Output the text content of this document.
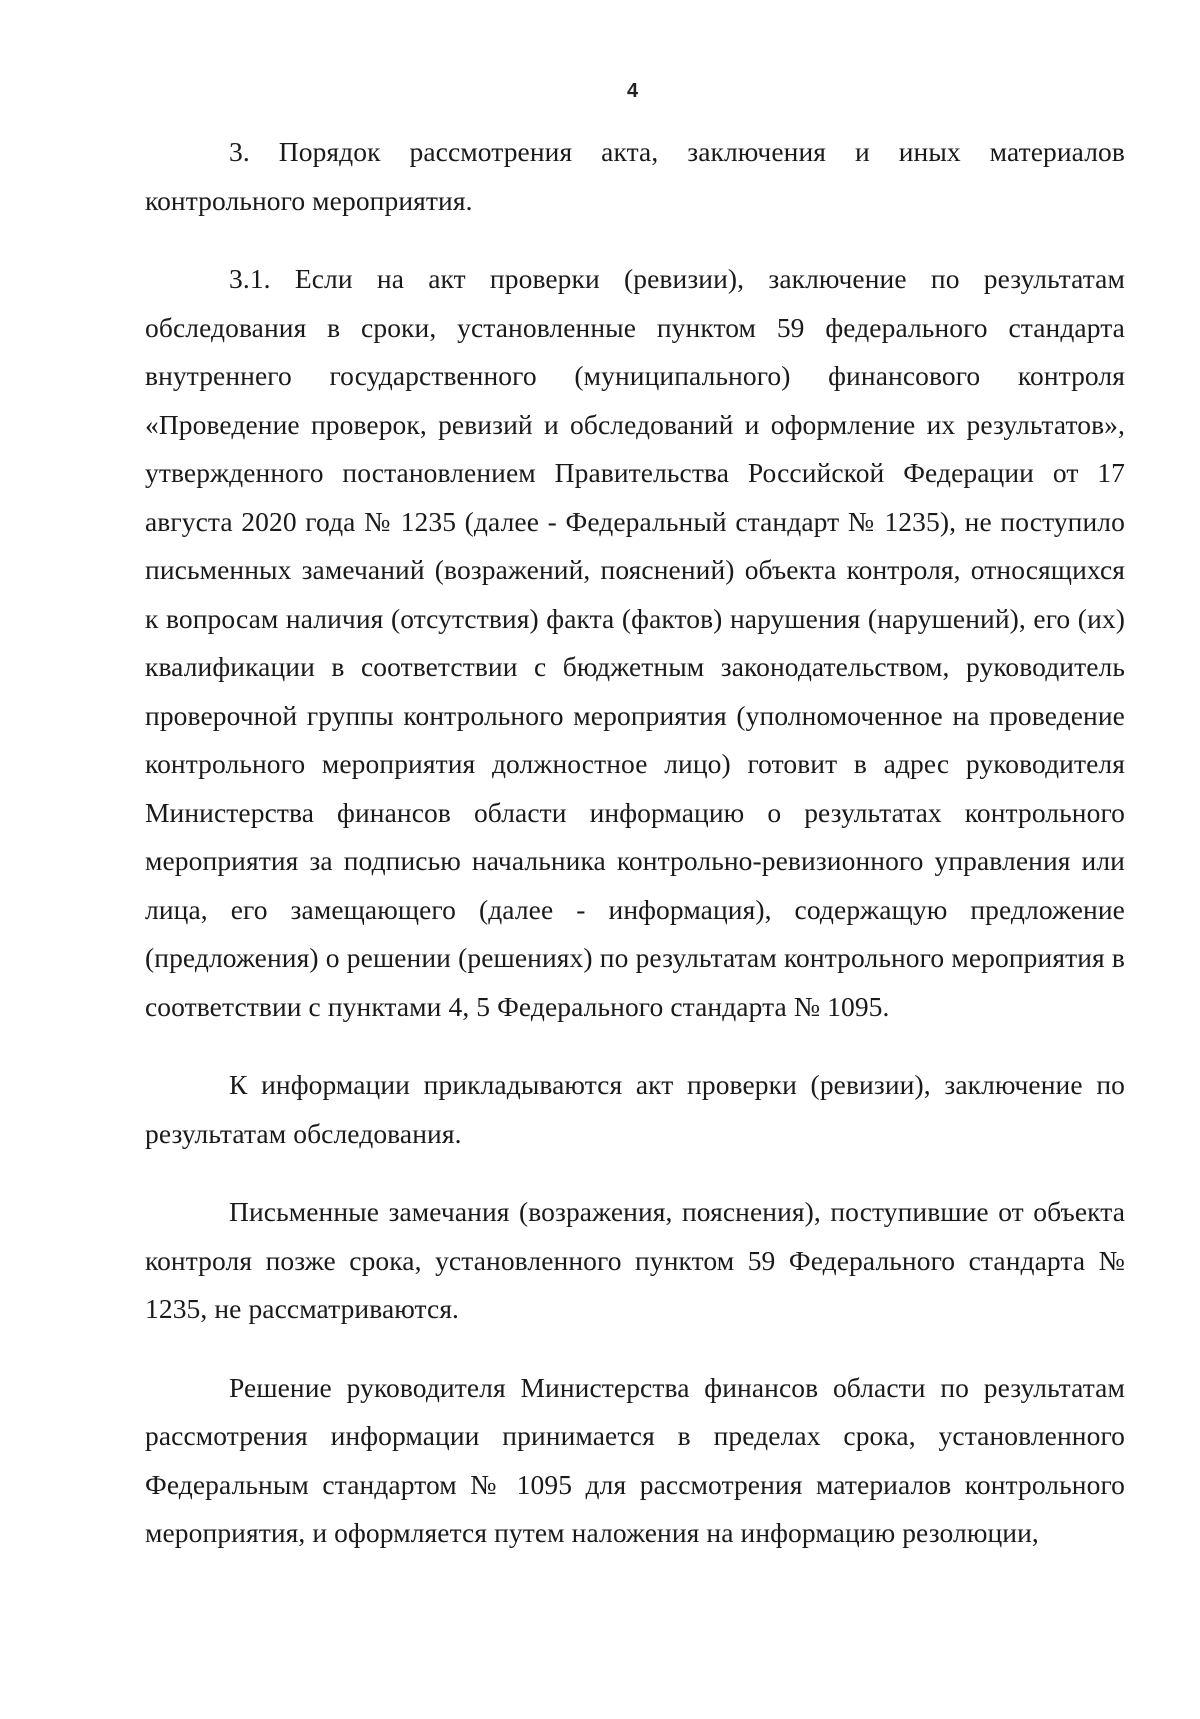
4

3. Порядок рассмотрения акта, заключения и иных материалов контрольного мероприятия.

3.1. Если на акт проверки (ревизии), заключение по результатам обследования в сроки, установленные пунктом 59 федерального стандарта внутреннего государственного (муниципального) финансового контроля «Проведение проверок, ревизий и обследований и оформление их результатов», утвержденного постановлением Правительства Российской Федерации от 17 августа 2020 года № 1235 (далее - Федеральный стандарт № 1235), не поступило письменных замечаний (возражений, пояснений) объекта контроля, относящихся к вопросам наличия (отсутствия) факта (фактов) нарушения (нарушений), его (их) квалификации в соответствии с бюджетным законодательством, руководитель проверочной группы контрольного мероприятия (уполномоченное на проведение контрольного мероприятия должностное лицо) готовит в адрес руководителя Министерства финансов области информацию о результатах контрольного мероприятия за подписью начальника контрольно-ревизионного управления или лица, его замещающего (далее - информация), содержащую предложение (предложения) о решении (решениях) по результатам контрольного мероприятия в соответствии с пунктами 4, 5 Федерального стандарта № 1095.

К информации прикладываются акт проверки (ревизии), заключение по результатам обследования.

Письменные замечания (возражения, пояснения), поступившие от объекта контроля позже срока, установленного пунктом 59 Федерального стандарта № 1235, не рассматриваются.

Решение руководителя Министерства финансов области по результатам рассмотрения информации принимается в пределах срока, установленного Федеральным стандартом № 1095 для рассмотрения материалов контрольного мероприятия, и оформляется путем наложения на информацию резолюции,
